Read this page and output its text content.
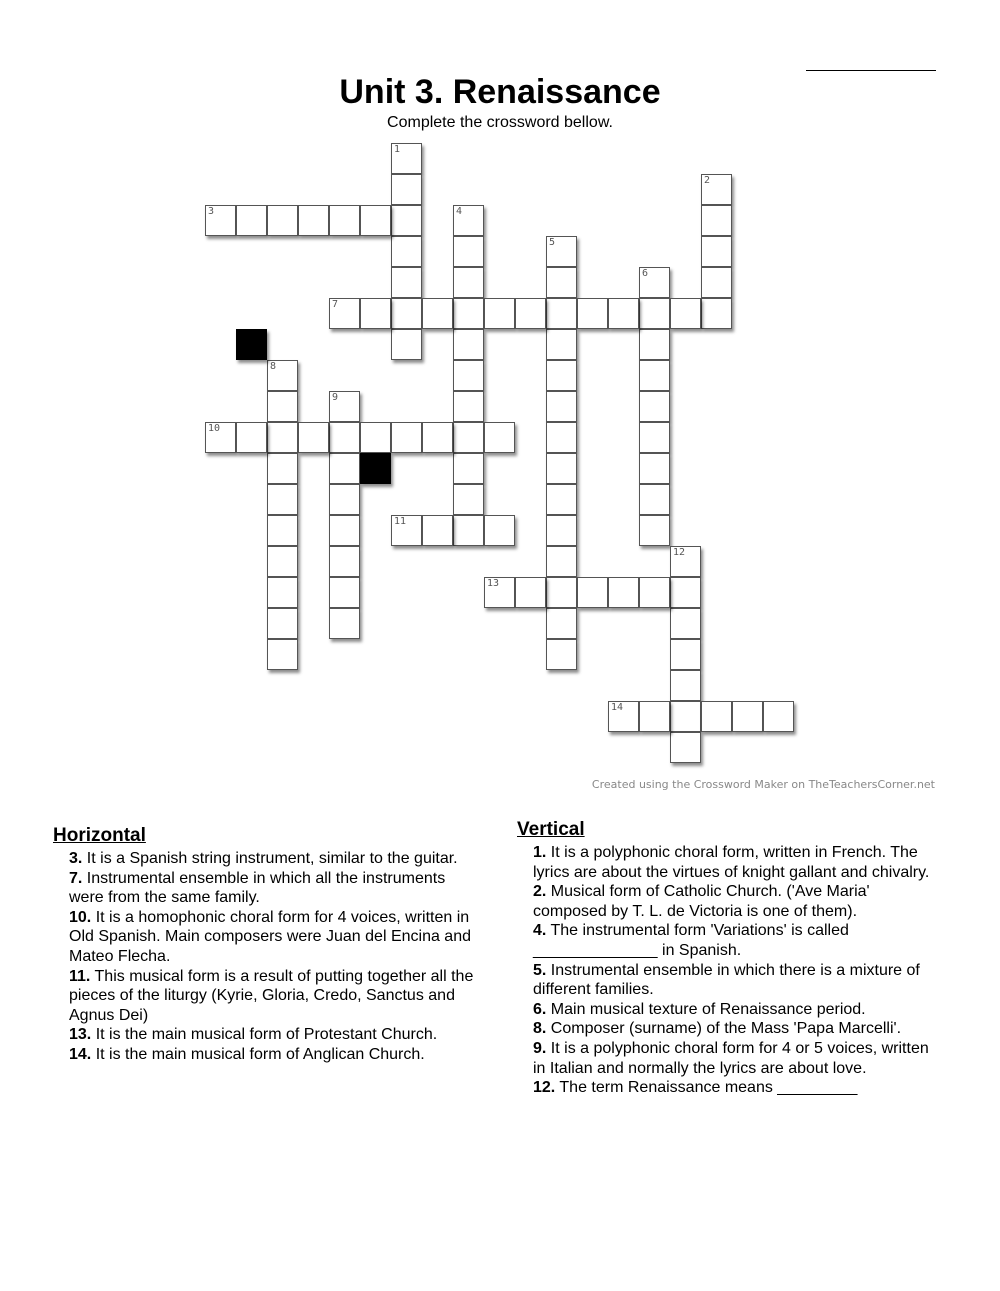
Unit 3. Renaissance
Complete the crossword bellow.
1
2
3	4
5
6
7
8
9
10
11
12
13
14
Created using the Crossword Maker on TheTeachersCorner.net
Horizontal
3. It is a Spanish string instrument, similar to the guitar.
7. Instrumental ensemble in which all the instruments were from the same family.
10. It is a homophonic choral form for 4 voices, written in Old Spanish. Main composers were Juan del Encina and Mateo Flecha.
11. This musical form is a result of putting together all the pieces of the liturgy (Kyrie, Gloria, Credo, Sanctus and Agnus Dei)
13. It is the main musical form of Protestant Church.
14. It is the main musical form of Anglican Church.
Vertical
1. It is a polyphonic choral form, written in French. The lyrics are about the virtues of knight gallant and chivalry.
2. Musical form of Catholic Church. ('Ave Maria' composed by T. L. de Victoria is one of them).
4. The instrumental form 'Variations' is called ______________ in Spanish.
5. Instrumental ensemble in which there is a mixture of different families.
6. Main musical texture of Renaissance period.
8. Composer (surname) of the Mass 'Papa Marcelli'.
9. It is a polyphonic choral form for 4 or 5 voices, written in Italian and normally the lyrics are about love.
12. The term Renaissance means _________
